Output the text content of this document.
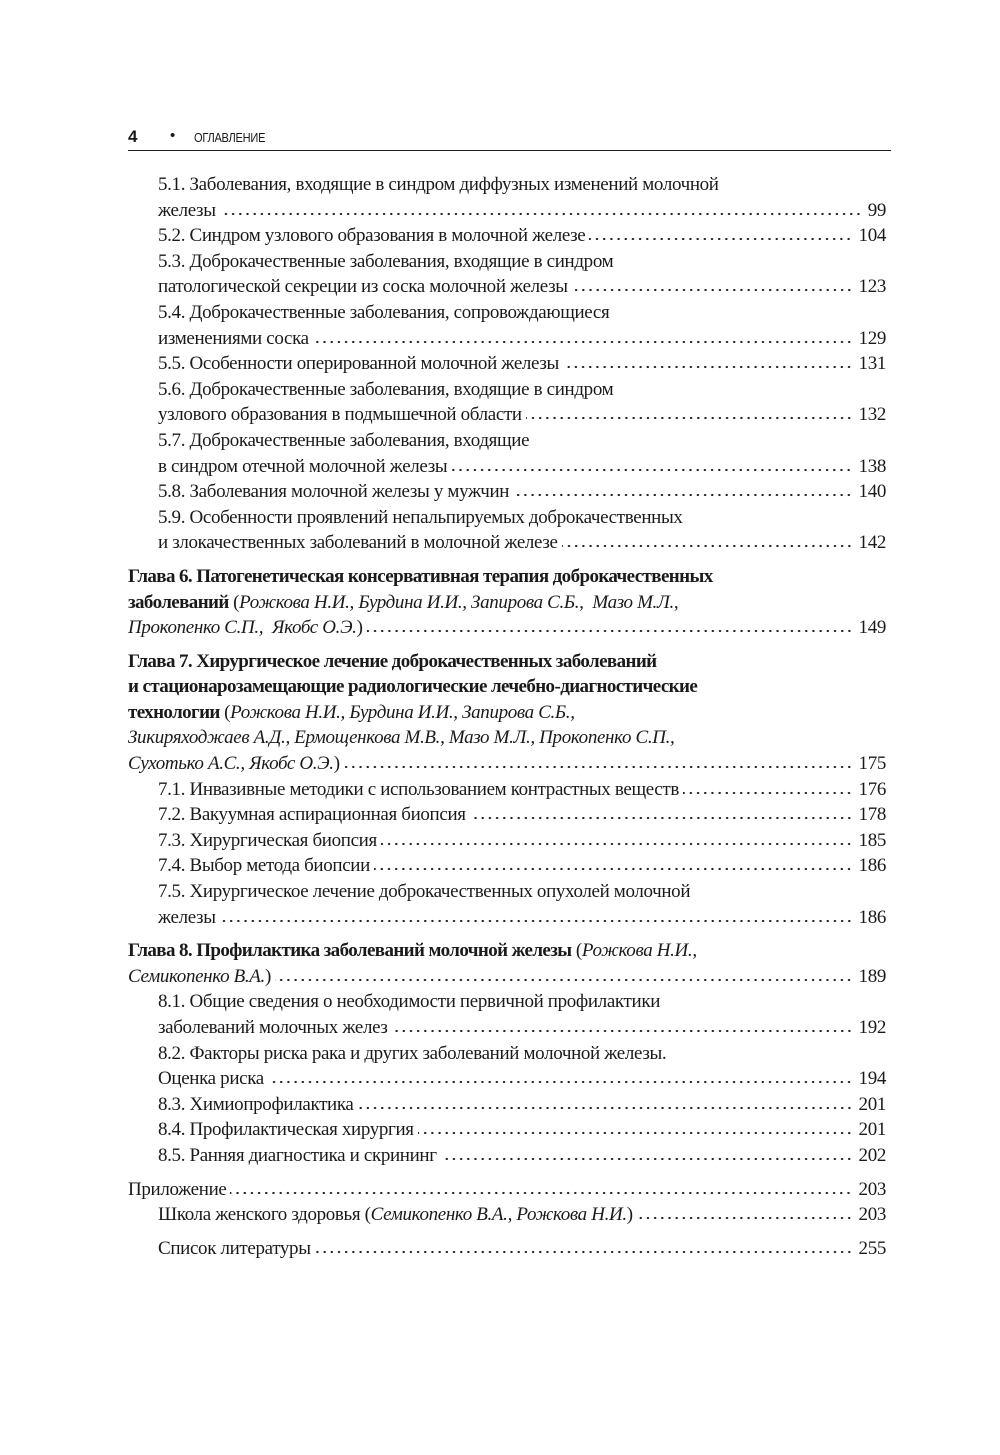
4 • ОГЛАВЛЕНИЕ
5.1. Заболевания, входящие в синдром диффузных изменений молочной
железы	99
5.2. Синдром узлового образования в молочной железе	104
5.3. Доброкачественные заболевания, входящие в синдром
патологической секреции из соска молочной железы	123
5.4. Доброкачественные заболевания, сопровождающиеся
изменениями соска	129
5.5. Особенности оперированной молочной железы	131
5.6. Доброкачественные заболевания, входящие в синдром
узлового образования в подмышечной области	132
5.7. Доброкачественные заболевания, входящие
в синдром отечной молочной железы	138
5.8. Заболевания молочной железы у мужчин	140
5.9. Особенности проявлений непальпируемых доброкачественных
и злокачественных заболеваний в молочной железе	142
Глава 6. Патогенетическая консервативная терапия доброкачественных
заболеваний (Рожкова Н.И., Бурдина И.И., Запирова С.Б.,  Мазо М.Л.,
Прокопенко С.П.,  Якобс О.Э.)	149
Глава 7. Хирургическое лечение доброкачественных заболеваний
и стационарозамещающие радиологические лечебно-диагностические
технологии (Рожкова Н.И., Бурдина И.И., Запирова С.Б.,
Зикиряходжаев А.Д., Ермощенкова М.В., Мазо М.Л., Прокопенко С.П.,
Сухотько А.С., Якобс О.Э.)	175
7.1. Инвазивные методики с использованием контрастных веществ	176
7.2. Вакуумная аспирационная биопсия	178
7.3. Хирургическая биопсия	185
7.4. Выбор метода биопсии	186
7.5. Хирургическое лечение доброкачественных опухолей молочной
железы	186
Глава 8. Профилактика заболеваний молочной железы (Рожкова Н.И.,
Семикопенко В.А.)	189
8.1. Общие сведения о необходимости первичной профилактики
заболеваний молочных желез	192
8.2. Факторы риска рака и других заболеваний молочной железы.
Оценка риска	194
8.3. Химиопрофилактика	201
8.4. Профилактическая хирургия	201
8.5. Ранняя диагностика и скрининг	202
Приложение	203
Школа женского здоровья (Семикопенко В.А., Рожкова Н.И.)	203
Список литературы	255
